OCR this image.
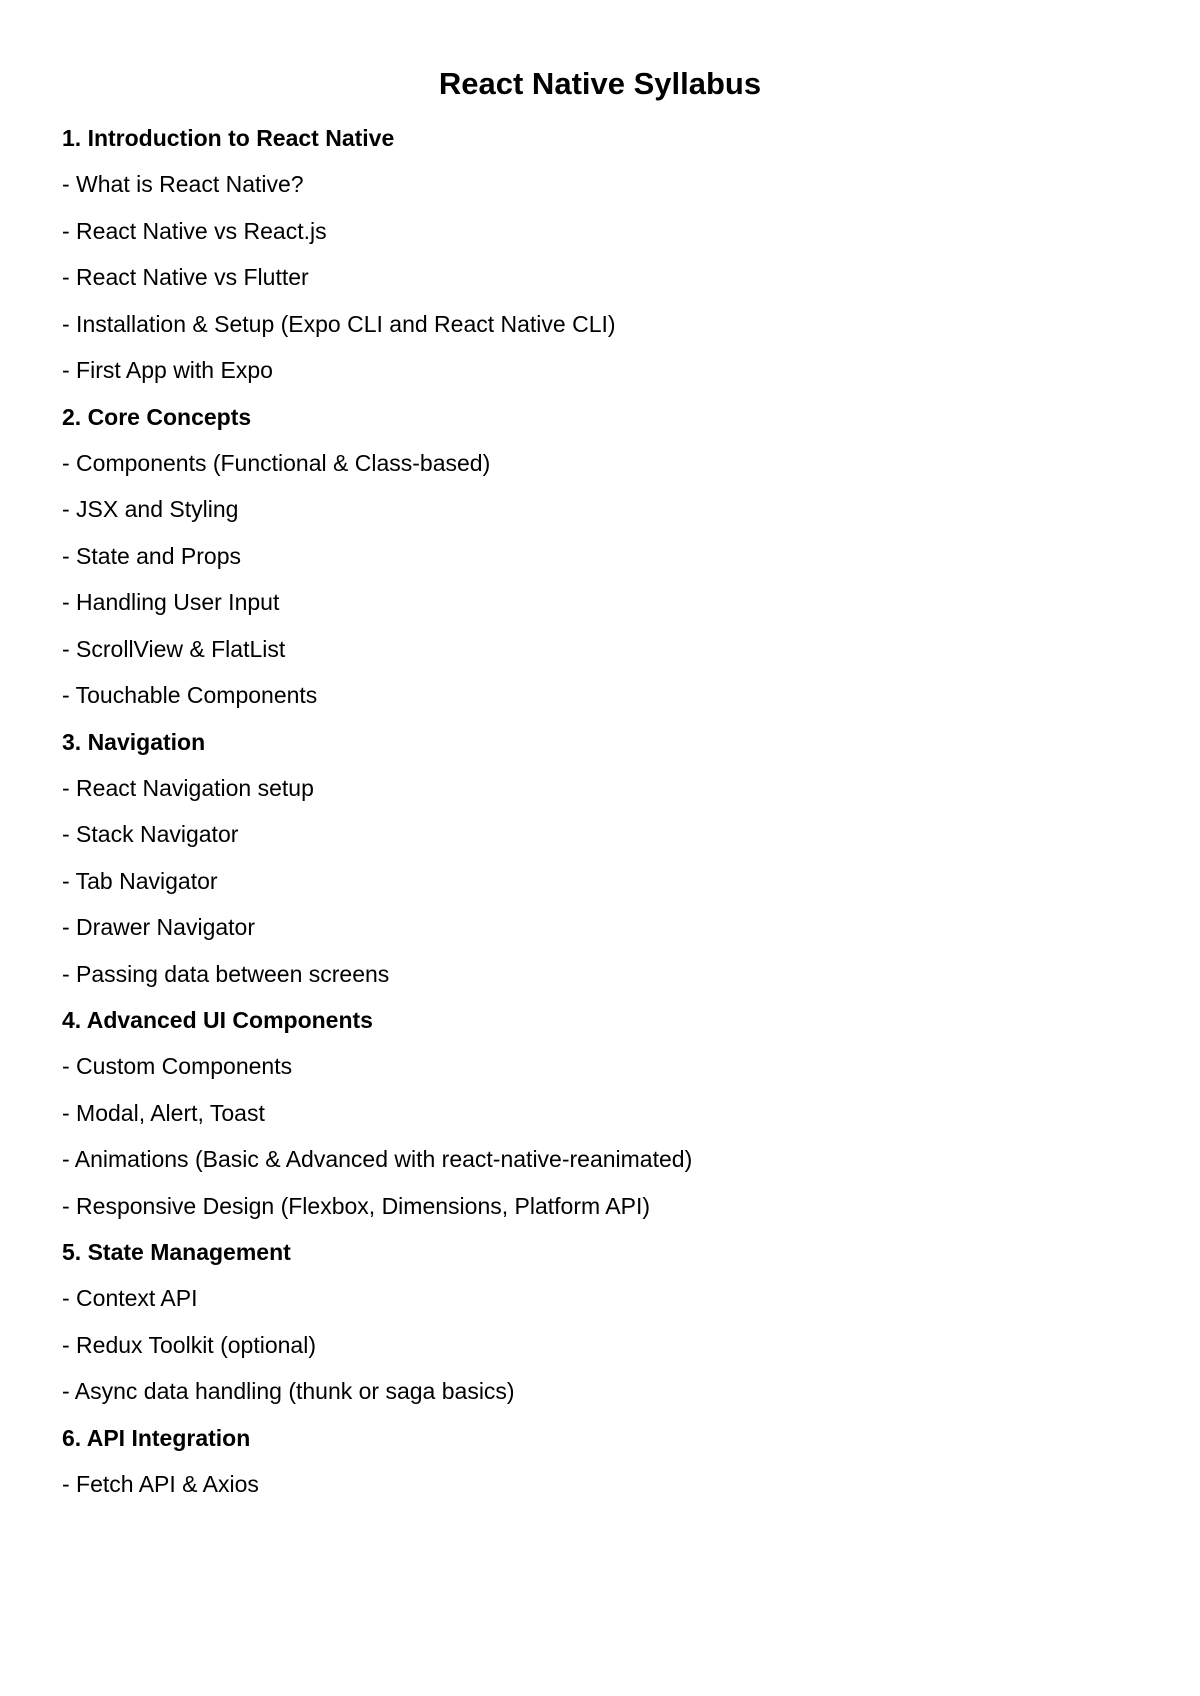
React Native Syllabus

1. Introduction to React Native

- What is React Native?

- React Native vs React.js

- React Native vs Flutter

- Installation & Setup (Expo CLI and React Native CLI)

- First App with Expo

2. Core Concepts

- Components (Functional & Class-based)

- JSX and Styling

- State and Props

- Handling User Input

- ScrollView & FlatList

- Touchable Components

3. Navigation

- React Navigation setup

- Stack Navigator

- Tab Navigator

- Drawer Navigator

- Passing data between screens

4. Advanced UI Components

- Custom Components

- Modal, Alert, Toast

- Animations (Basic & Advanced with react-native-reanimated)

- Responsive Design (Flexbox, Dimensions, Platform API)

5. State Management

- Context API

- Redux Toolkit (optional)

- Async data handling (thunk or saga basics)

6. API Integration

- Fetch API & Axios
